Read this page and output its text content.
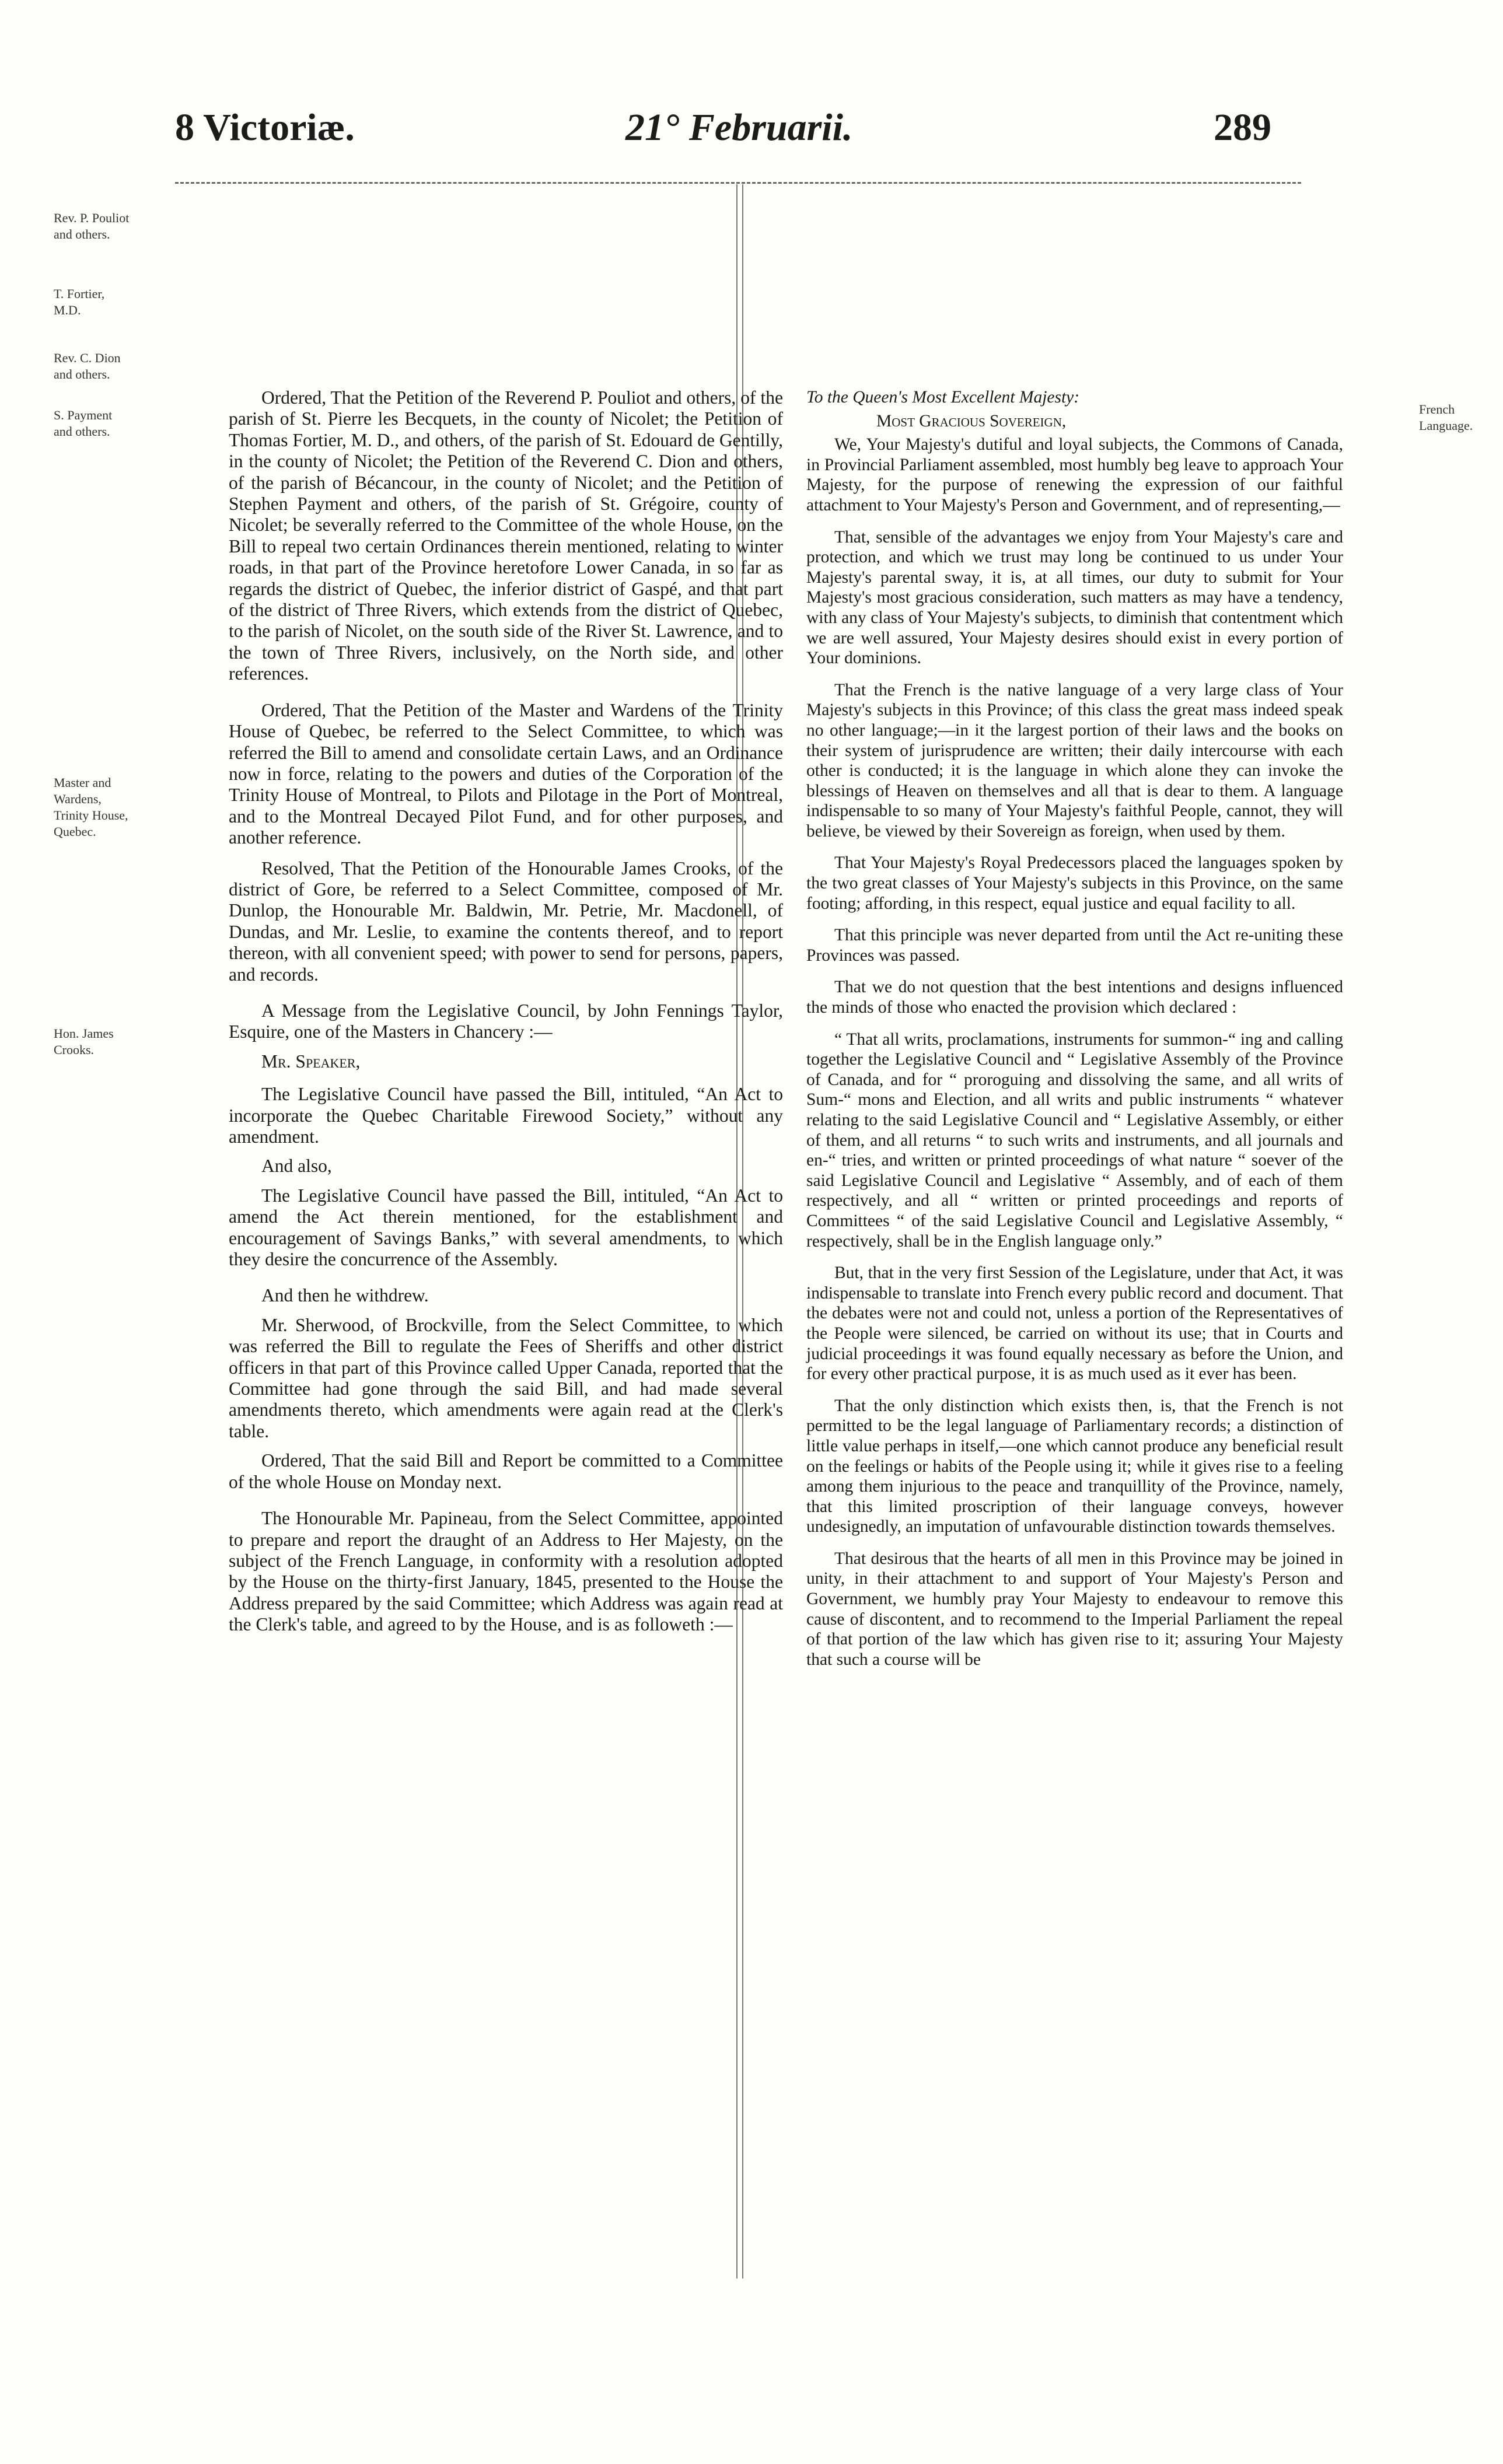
8 Victoriæ.	21° Februarii.	289
Rev. P. Pouliot
and others.
T. Fortier,
M.D.
Rev. C. Dion
and others.
S. Payment
and others.
Master and
Wardens,
Trinity House,
Quebec.
Hon. James
Crooks.
French
Language.

Ordered, That the Petition of the Reverend P. Pouliot and others, of the parish of St. Pierre les Becquets, in the county of Nicolet; the Petition of Thomas Fortier, M. D., and others, of the parish of St. Edouard de Gentilly, in the county of Nicolet; the Petition of the Reverend C. Dion and others, of the parish of Bécancour, in the county of Nicolet; and the Petition of Stephen Payment and others, of the parish of St. Grégoire, county of Nicolet; be severally referred to the Committee of the whole House, on the Bill to repeal two certain Ordinances therein mentioned, relating to winter roads, in that part of the Province heretofore Lower Canada, in so far as regards the district of Quebec, the inferior district of Gaspé, and that part of the district of Three Rivers, which extends from the district of Quebec, to the parish of Nicolet, on the south side of the River St. Lawrence, and to the town of Three Rivers, inclusively, on the North side, and other references.

Ordered, That the Petition of the Master and Wardens of the Trinity House of Quebec, be referred to the Select Committee, to which was referred the Bill to amend and consolidate certain Laws, and an Ordinance now in force, relating to the powers and duties of the Corporation of the Trinity House of Montreal, to Pilots and Pilotage in the Port of Montreal, and to the Montreal Decayed Pilot Fund, and for other purposes, and another reference.

Resolved, That the Petition of the Honourable James Crooks, of the district of Gore, be referred to a Select Committee, composed of Mr. Dunlop, the Honourable Mr. Baldwin, Mr. Petrie, Mr. Macdonell, of Dundas, and Mr. Leslie, to examine the contents thereof, and to report thereon, with all convenient speed; with power to send for persons, papers, and records.

A Message from the Legislative Council, by John Fennings Taylor, Esquire, one of the Masters in Chancery :—

Mr. Speaker,

The Legislative Council have passed the Bill, intituled, “An Act to incorporate the Quebec Charitable Firewood Society,” without any amendment.

And also,

The Legislative Council have passed the Bill, intituled, “An Act to amend the Act therein mentioned, for the establishment and encouragement of Savings Banks,” with several amendments, to which they desire the concurrence of the Assembly.

And then he withdrew.

Mr. Sherwood, of Brockville, from the Select Committee, to which was referred the Bill to regulate the Fees of Sheriffs and other district officers in that part of this Province called Upper Canada, reported that the Committee had gone through the said Bill, and had made several amendments thereto, which amendments were again read at the Clerk's table.

Ordered, That the said Bill and Report be committed to a Committee of the whole House on Monday next.

The Honourable Mr. Papineau, from the Select Committee, appointed to prepare and report the draught of an Address to Her Majesty, on the subject of the French Language, in conformity with a resolution adopted by the House on the thirty-first January, 1845, presented to the House the Address prepared by the said Committee; which Address was again read at the Clerk's table, and agreed to by the House, and is as followeth :—

To the Queen's Most Excellent Majesty:

Most Gracious Sovereign,

We, Your Majesty's dutiful and loyal subjects, the Commons of Canada, in Provincial Parliament assembled, most humbly beg leave to approach Your Majesty, for the purpose of renewing the expression of our faithful attachment to Your Majesty's Person and Government, and of representing,—

That, sensible of the advantages we enjoy from Your Majesty's care and protection, and which we trust may long be continued to us under Your Majesty's parental sway, it is, at all times, our duty to submit for Your Majesty's most gracious consideration, such matters as may have a tendency, with any class of Your Majesty's subjects, to diminish that contentment which we are well assured, Your Majesty desires should exist in every portion of Your dominions.

That the French is the native language of a very large class of Your Majesty's subjects in this Province; of this class the great mass indeed speak no other language;—in it the largest portion of their laws and the books on their system of jurisprudence are written; their daily intercourse with each other is conducted; it is the language in which alone they can invoke the blessings of Heaven on themselves and all that is dear to them. A language indispensable to so many of Your Majesty's faithful People, cannot, they will believe, be viewed by their Sovereign as foreign, when used by them.

That Your Majesty's Royal Predecessors placed the languages spoken by the two great classes of Your Majesty's subjects in this Province, on the same footing; affording, in this respect, equal justice and equal facility to all.

That this principle was never departed from until the Act re-uniting these Provinces was passed.

That we do not question that the best intentions and designs influenced the minds of those who enacted the provision which declared :

“ That all writs, proclamations, instruments for summon-“ ing and calling together the Legislative Council and “ Legislative Assembly of the Province of Canada, and for “ proroguing and dissolving the same, and all writs of Sum-“ mons and Election, and all writs and public instruments “ whatever relating to the said Legislative Council and “ Legislative Assembly, or either of them, and all returns “ to such writs and instruments, and all journals and en-“ tries, and written or printed proceedings of what nature “ soever of the said Legislative Council and Legislative “ Assembly, and of each of them respectively, and all “ written or printed proceedings and reports of Committees “ of the said Legislative Council and Legislative Assembly, “ respectively, shall be in the English language only.”

But, that in the very first Session of the Legislature, under that Act, it was indispensable to translate into French every public record and document. That the debates were not and could not, unless a portion of the Representatives of the People were silenced, be carried on without its use; that in Courts and judicial proceedings it was found equally necessary as before the Union, and for every other practical purpose, it is as much used as it ever has been.

That the only distinction which exists then, is, that the French is not permitted to be the legal language of Parliamentary records; a distinction of little value perhaps in itself,—one which cannot produce any beneficial result on the feelings or habits of the People using it; while it gives rise to a feeling among them injurious to the peace and tranquillity of the Province, namely, that this limited proscription of their language conveys, however undesignedly, an imputation of unfavourable distinction towards themselves.

That desirous that the hearts of all men in this Province may be joined in unity, in their attachment to and support of Your Majesty's Person and Government, we humbly pray Your Majesty to endeavour to remove this cause of discontent, and to recommend to the Imperial Parliament the repeal of that portion of the law which has given rise to it; assuring Your Majesty that such a course will be
